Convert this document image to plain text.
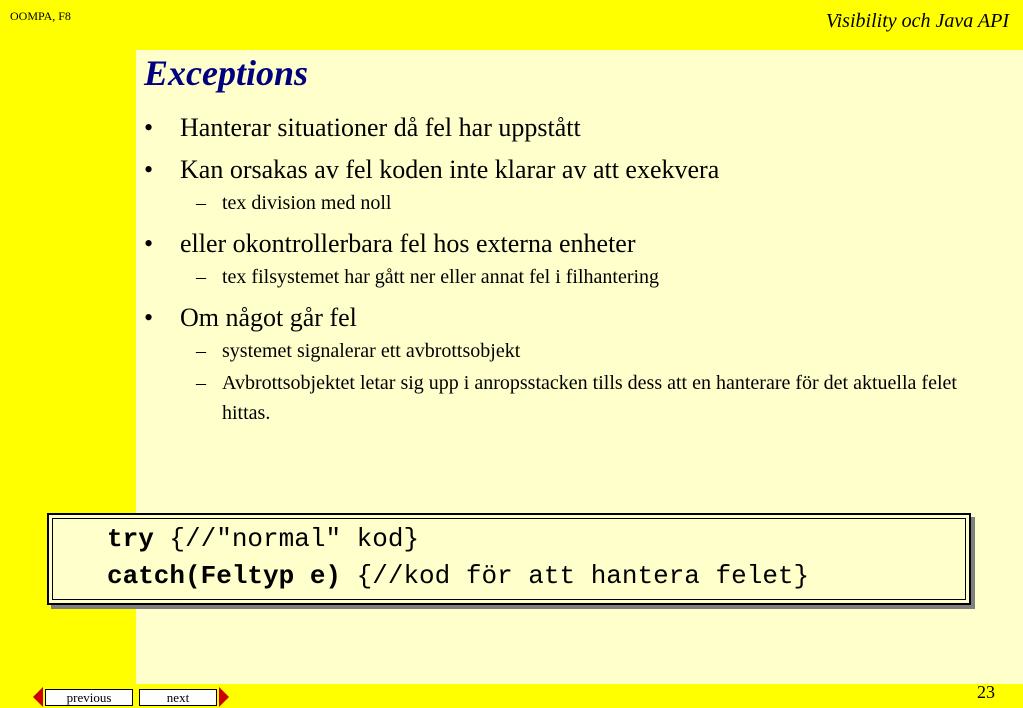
OOMPA, F8	Visibility och Java API
Exceptions
• Hanterar situationer då fel har uppstått
• Kan orsakas av fel koden inte klarar av att exekvera
– tex division med noll
• eller okontrollerbara fel hos externa enheter
– tex filsystemet har gått ner eller annat fel i filhantering
• Om något går fel
– systemet signalerar ett avbrottsobjekt
– Avbrottsobjektet letar sig upp i anropsstacken tills dess att en hanterare för det aktuella felet hittas.
try {//"normal" kod}
catch(Feltyp e) {//kod för att hantera felet}
previous	next	23
